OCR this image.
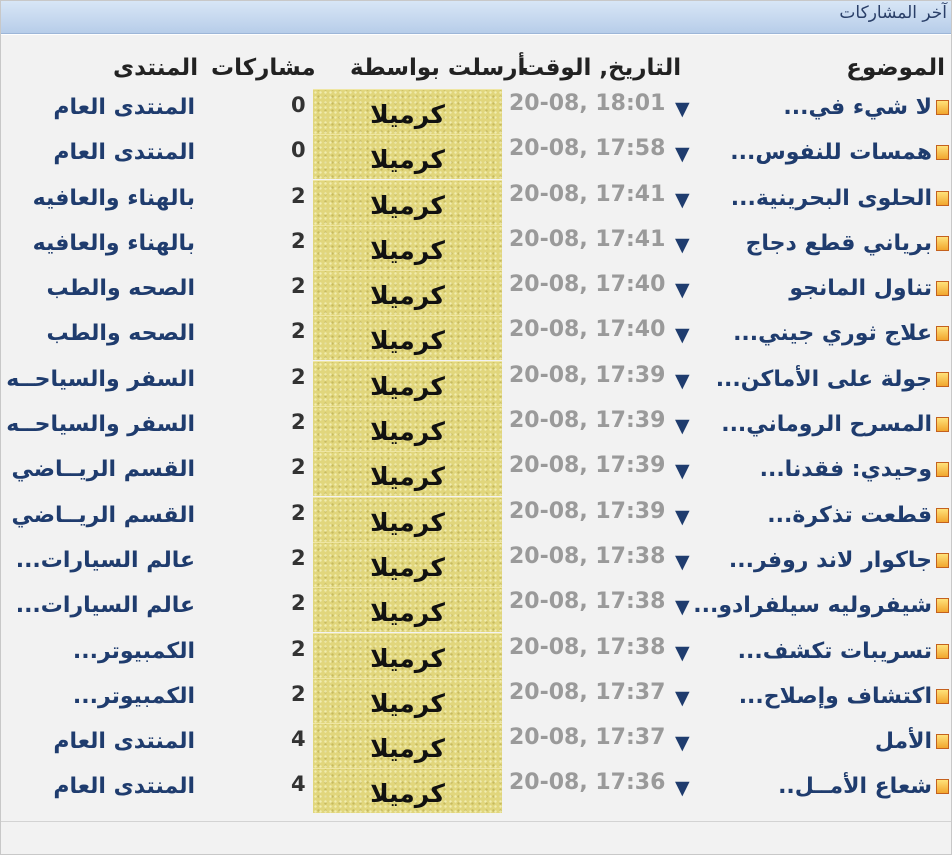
آخر المشاركات
الموضوع
التاريخ, الوقت
أرسلت بواسطة
مشاركات
المنتدى
لا شيء في...
▼
20-08, 18:01
كرميلا
0
المنتدى العام
همسات للنفوس...
▼
20-08, 17:58
كرميلا
0
المنتدى العام
الحلوى البحرينية...
▼
20-08, 17:41
كرميلا
2
بالهناء والعافيه
برياني قطع دجاج
▼
20-08, 17:41
كرميلا
2
بالهناء والعافيه
تناول المانجو
▼
20-08, 17:40
كرميلا
2
الصحه والطب
علاج ثوري جيني...
▼
20-08, 17:40
كرميلا
2
الصحه والطب
جولة على الأماكن...
▼
20-08, 17:39
كرميلا
2
السفر والسياحــه
المسرح الروماني...
▼
20-08, 17:39
كرميلا
2
السفر والسياحــه
وحيدي: فقدنا...
▼
20-08, 17:39
كرميلا
2
القسم الريــاضي
قطعت تذكرة...
▼
20-08, 17:39
كرميلا
2
القسم الريــاضي
جاكوار لاند روفر...
▼
20-08, 17:38
كرميلا
2
عالم السيارات...
شيفروليه سيلفرادو...
▼
20-08, 17:38
كرميلا
2
عالم السيارات...
تسريبات تكشف...
▼
20-08, 17:38
كرميلا
2
الكمبيوتر...
اكتشاف وإصلاح...
▼
20-08, 17:37
كرميلا
2
الكمبيوتر...
الأمل
▼
20-08, 17:37
كرميلا
4
المنتدى العام
شعاع الأمــل..
▼
20-08, 17:36
كرميلا
4
المنتدى العام
